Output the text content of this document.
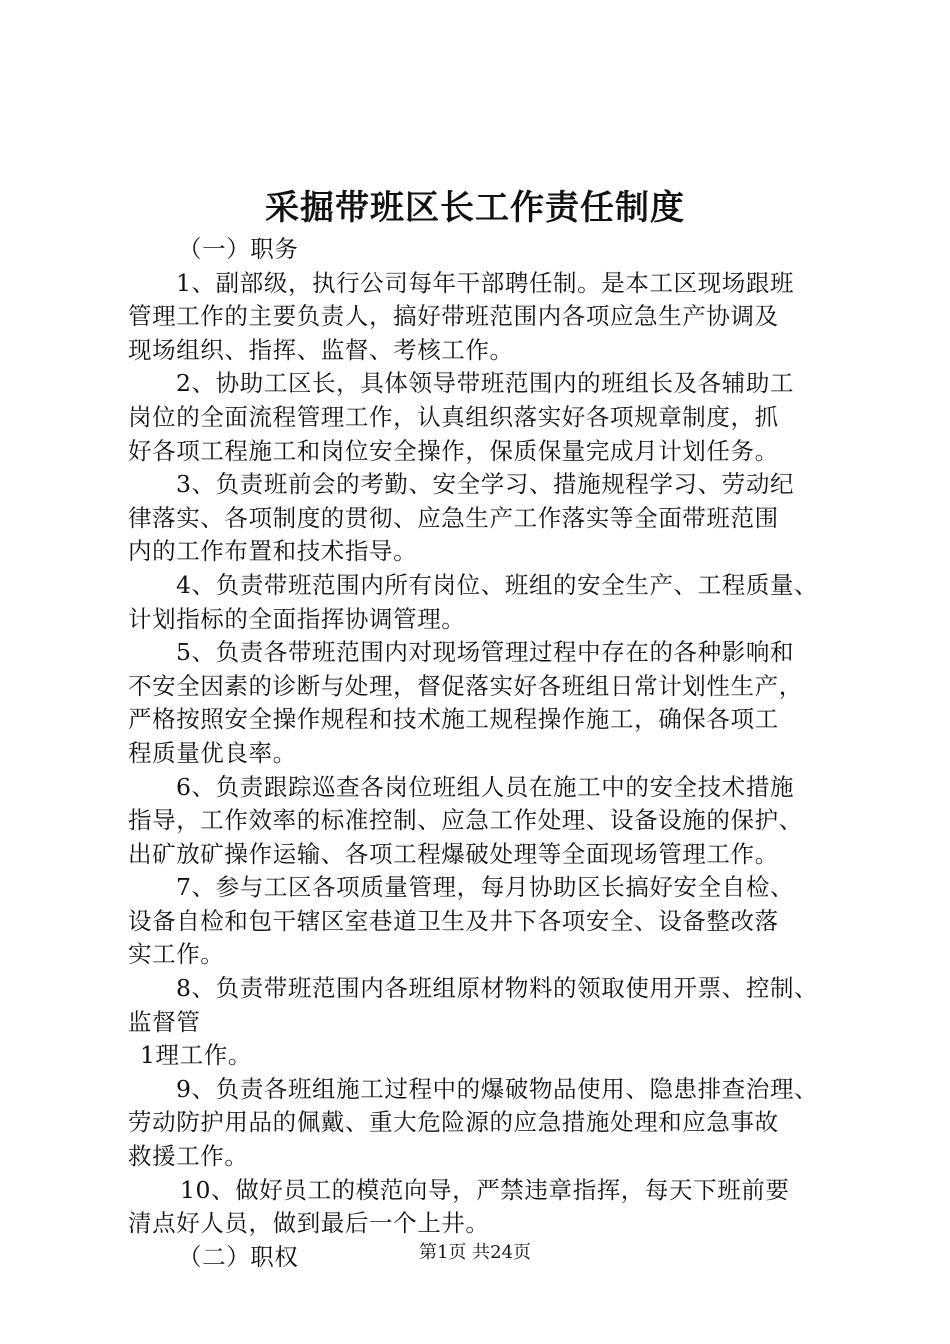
采掘带班区长工作责任制度
（一）职务
1、副部级，执行公司每年干部聘任制。是本工区现场跟班
管理工作的主要负责人，搞好带班范围内各项应急生产协调及
现场组织、指挥、监督、考核工作。
2、协助工区长，具体领导带班范围内的班组长及各辅助工
岗位的全面流程管理工作，认真组织落实好各项规章制度，抓
好各项工程施工和岗位安全操作，保质保量完成月计划任务。
3、负责班前会的考勤、安全学习、措施规程学习、劳动纪
律落实、各项制度的贯彻、应急生产工作落实等全面带班范围
内的工作布置和技术指导。
4、负责带班范围内所有岗位、班组的安全生产、工程质量、
计划指标的全面指挥协调管理。
5、负责各带班范围内对现场管理过程中存在的各种影响和
不安全因素的诊断与处理，督促落实好各班组日常计划性生产，
严格按照安全操作规程和技术施工规程操作施工，确保各项工
程质量优良率。
6、负责跟踪巡查各岗位班组人员在施工中的安全技术措施
指导，工作效率的标准控制、应急工作处理、设备设施的保护、
出矿放矿操作运输、各项工程爆破处理等全面现场管理工作。
7、参与工区各项质量管理，每月协助区长搞好安全自检、
设备自检和包干辖区室巷道卫生及井下各项安全、设备整改落
实工作。
8、负责带班范围内各班组原材物料的领取使用开票、控制、
监督管
1理工作。
9、负责各班组施工过程中的爆破物品使用、隐患排查治理、
劳动防护用品的佩戴、重大危险源的应急措施处理和应急事故
救援工作。
10、做好员工的模范向导，严禁违章指挥，每天下班前要
清点好人员，做到最后一个上井。
（二）职权	第1页 共24页
